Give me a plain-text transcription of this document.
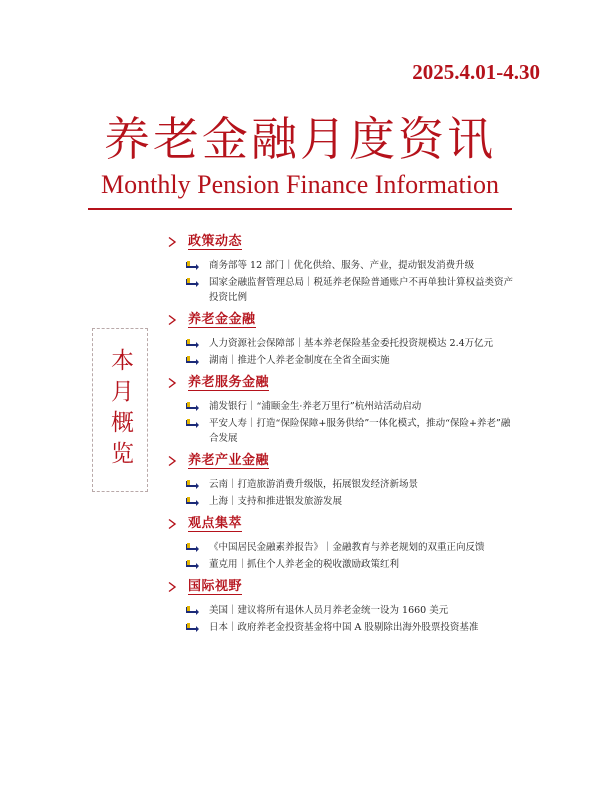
2025.4.01-4.30
养老金融月度资讯
Monthly Pension Finance Information
本月概览
政策动态
商务部等 12 部门｜优化供给、服务、产业，提动银发消费升级
国家金融监督管理总局｜税延养老保险普通账户不再单独计算权益类资产投资比例
养老金金融
人力资源社会保障部｜基本养老保险基金委托投资规模达 2.4万亿元
湖南｜推进个人养老金制度在全省全面实施
养老服务金融
浦发银行｜“浦颐金生·养老万里行”杭州站活动启动
平安人寿｜打造“保险保障+服务供给”一体化模式，推动“保险+养老”融合发展
养老产业金融
云南｜打造旅游消费升级版，拓展银发经济新场景
上海｜支持和推进银发旅游发展
观点集萃
《中国居民金融素养报告》｜金融教育与养老规划的双重正向反馈
董克用｜抓住个人养老金的税收激励政策红利
国际视野
美国｜建议将所有退休人员月养老金统一设为 1660 美元
日本｜政府养老金投资基金将中国 A 股剔除出海外股票投资基准
